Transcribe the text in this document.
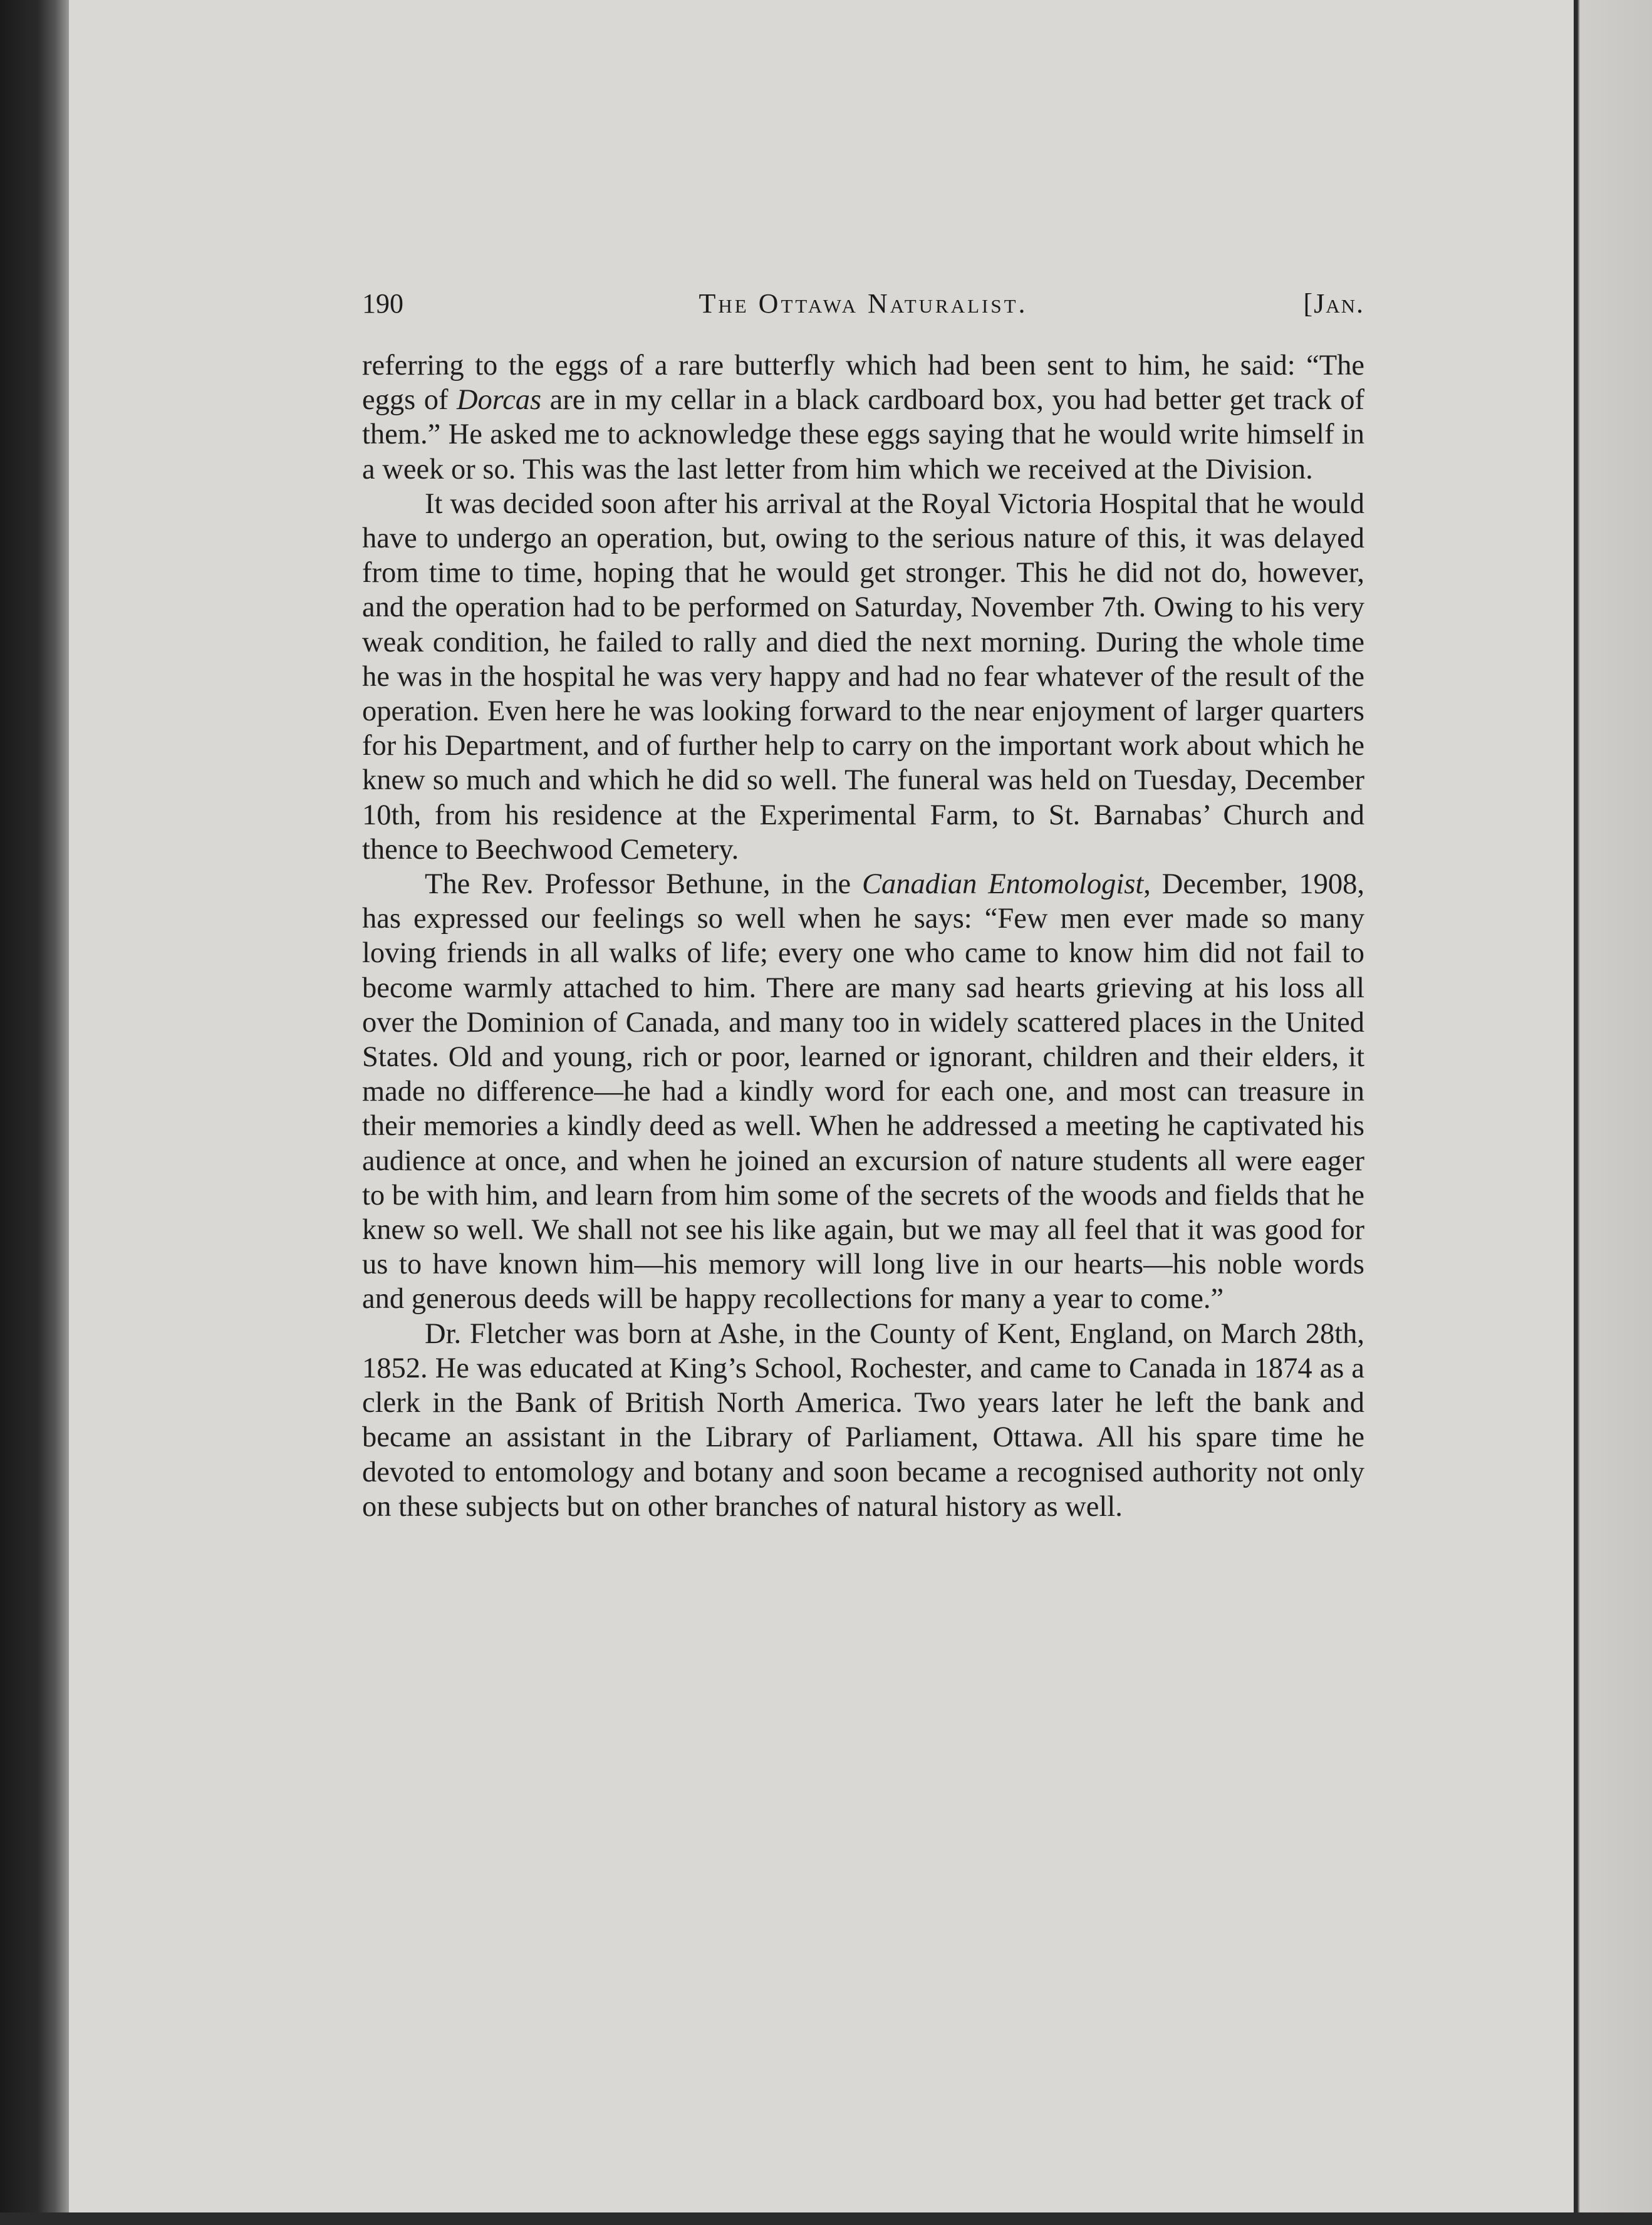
190	The Ottawa Naturalist.	[Jan.

referring to the eggs of a rare butterfly which had been sent to him, he said: “The eggs of Dorcas are in my cellar in a black cardboard box, you had better get track of them.” He asked me to acknowledge these eggs saying that he would write himself in a week or so. This was the last letter from him which we received at the Division.

It was decided soon after his arrival at the Royal Victoria Hospital that he would have to undergo an operation, but, owing to the serious nature of this, it was delayed from time to time, hoping that he would get stronger. This he did not do, however, and the operation had to be performed on Saturday, November 7th. Owing to his very weak condition, he failed to rally and died the next morning. During the whole time he was in the hospital he was very happy and had no fear whatever of the result of the operation. Even here he was looking forward to the near enjoyment of larger quarters for his Department, and of further help to carry on the important work about which he knew so much and which he did so well. The funeral was held on Tuesday, December 10th, from his residence at the Experimental Farm, to St. Barnabas’ Church and thence to Beechwood Cemetery.

The Rev. Professor Bethune, in the Canadian Entomologist, December, 1908, has expressed our feelings so well when he says: “Few men ever made so many loving friends in all walks of life; every one who came to know him did not fail to become warmly attached to him. There are many sad hearts grieving at his loss all over the Dominion of Canada, and many too in widely scattered places in the United States. Old and young, rich or poor, learned or ignorant, children and their elders, it made no difference—he had a kindly word for each one, and most can treasure in their memories a kindly deed as well. When he addressed a meeting he captivated his audience at once, and when he joined an excursion of nature students all were eager to be with him, and learn from him some of the secrets of the woods and fields that he knew so well. We shall not see his like again, but we may all feel that it was good for us to have known him—his memory will long live in our hearts—his noble words and generous deeds will be happy recollections for many a year to come.”

Dr. Fletcher was born at Ashe, in the County of Kent, England, on March 28th, 1852. He was educated at King’s School, Rochester, and came to Canada in 1874 as a clerk in the Bank of British North America. Two years later he left the bank and became an assistant in the Library of Parliament, Ottawa. All his spare time he devoted to entomology and botany and soon became a recognised authority not only on these subjects but on other branches of natural history as well.
